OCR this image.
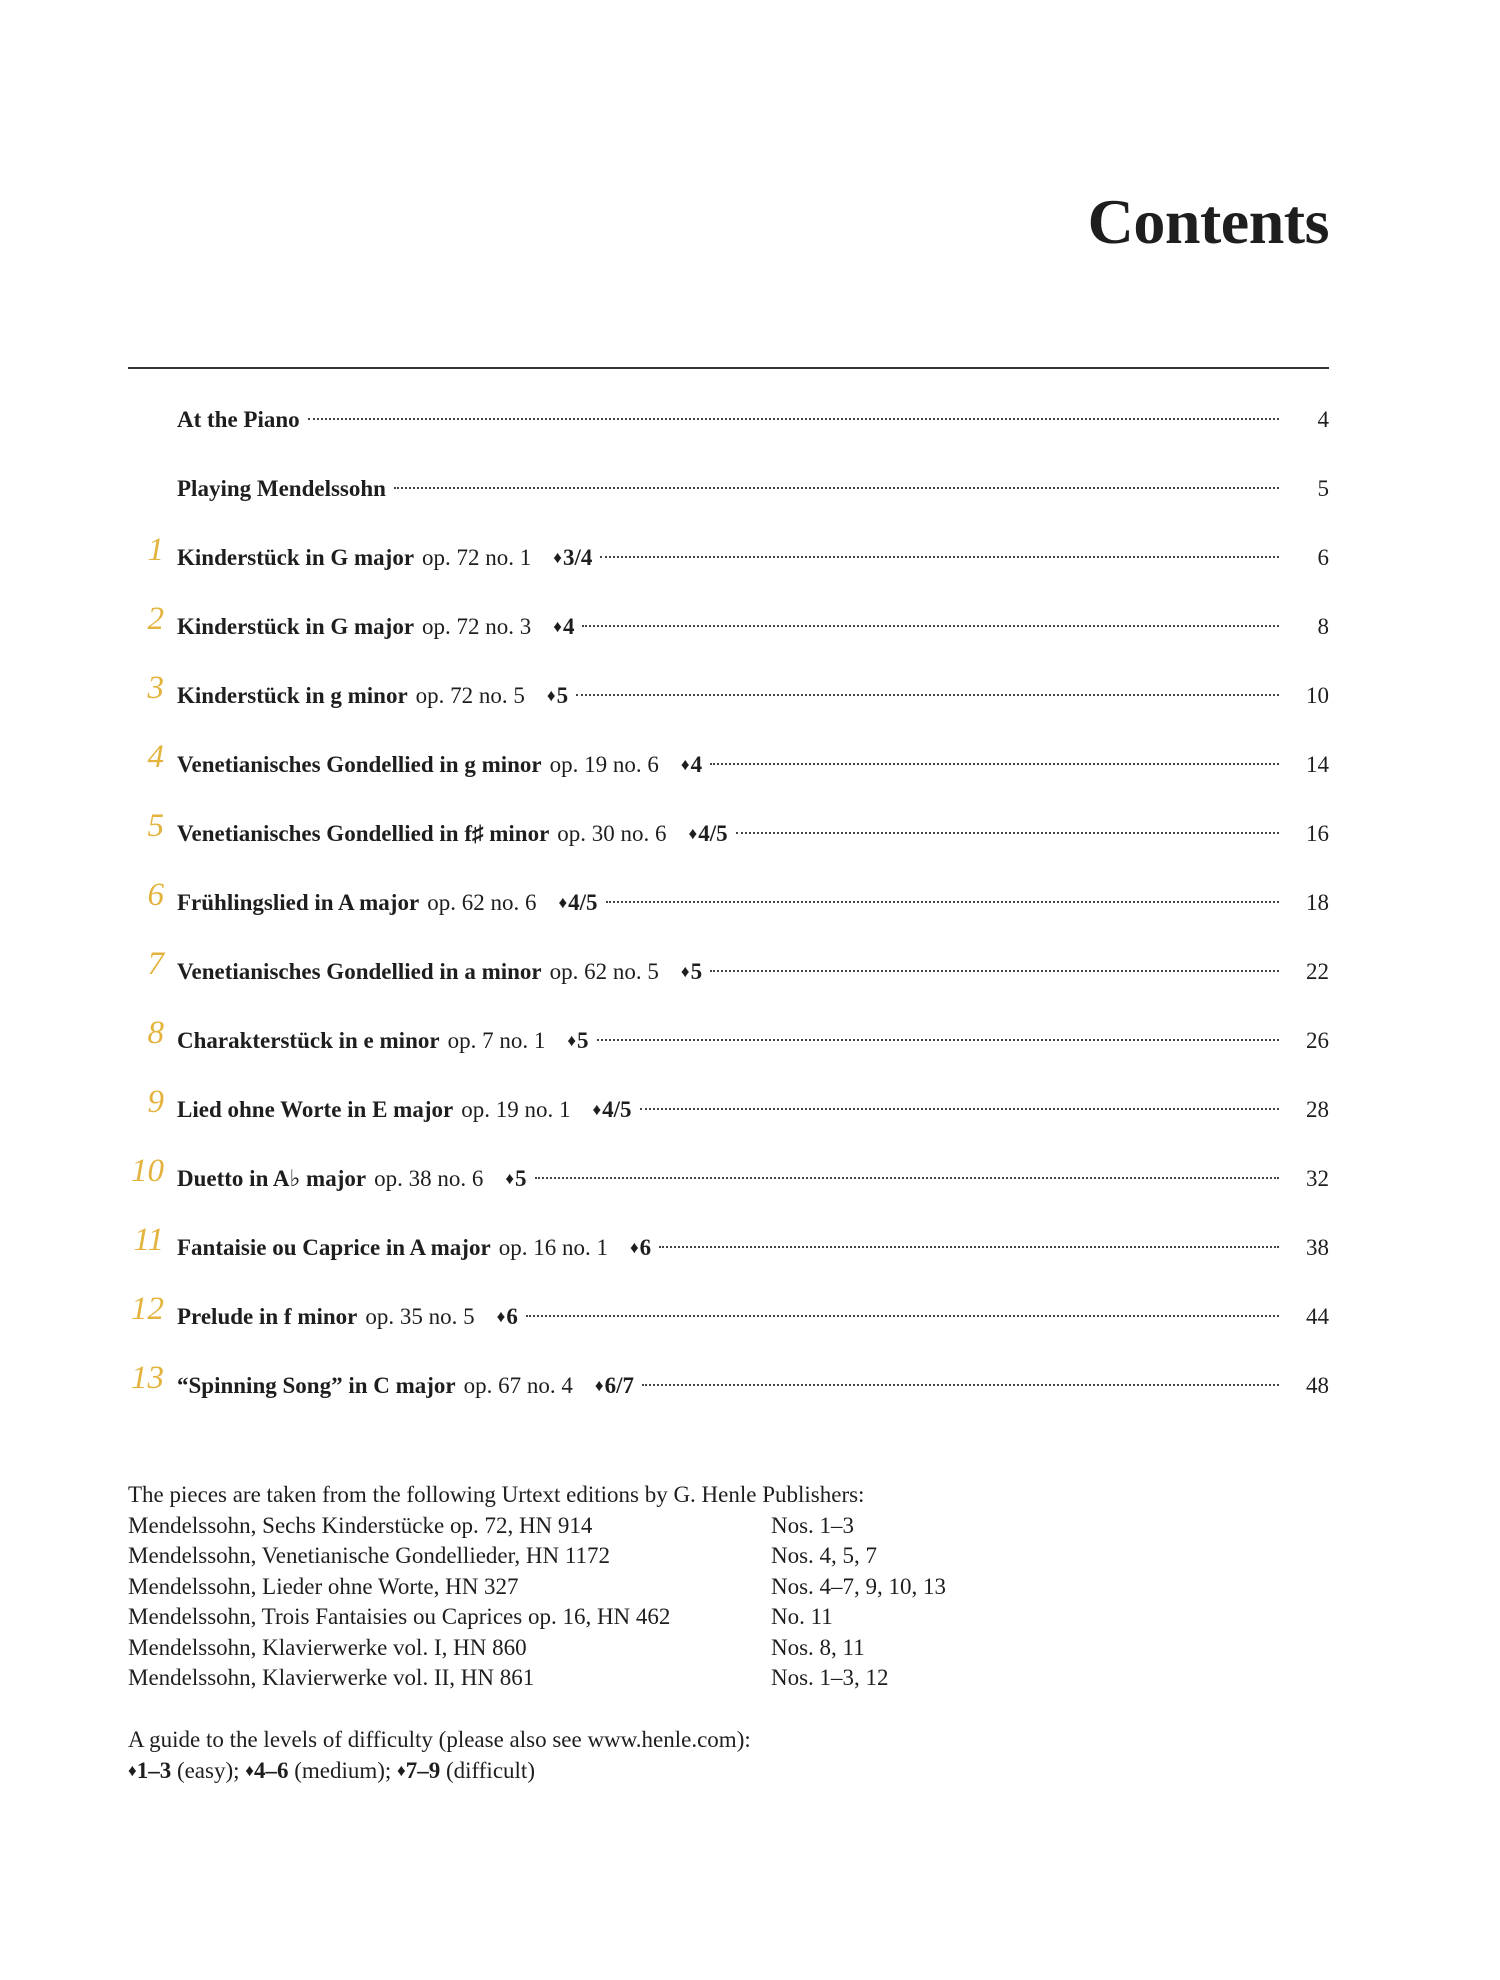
Contents
At the Piano	4
Playing Mendelssohn	5
1 Kinderstück in G major op. 72 no. 1 ♦3/4	6
2 Kinderstück in G major op. 72 no. 3 ♦4	8
3 Kinderstück in g minor op. 72 no. 5 ♦5	10
4 Venetianisches Gondellied in g minor op. 19 no. 6 ♦4	14
5 Venetianisches Gondellied in f♯ minor op. 30 no. 6 ♦4/5	16
6 Frühlingslied in A major op. 62 no. 6 ♦4/5	18
7 Venetianisches Gondellied in a minor op. 62 no. 5 ♦5	22
8 Charakterstück in e minor op. 7 no. 1 ♦5	26
9 Lied ohne Worte in E major op. 19 no. 1 ♦4/5	28
10 Duetto in A♭ major op. 38 no. 6 ♦5	32
11 Fantaisie ou Caprice in A major op. 16 no. 1 ♦6	38
12 Prelude in f minor op. 35 no. 5 ♦6	44
13 “Spinning Song” in C major op. 67 no. 4 ♦6/7	48
The pieces are taken from the following Urtext editions by G. Henle Publishers:
Mendelssohn, Sechs Kinderstücke op. 72, HN 914	Nos. 1–3
Mendelssohn, Venetianische Gondellieder, HN 1172	Nos. 4, 5, 7
Mendelssohn, Lieder ohne Worte, HN 327	Nos. 4–7, 9, 10, 13
Mendelssohn, Trois Fantaisies ou Caprices op. 16, HN 462	No. 11
Mendelssohn, Klavierwerke vol. I, HN 860	Nos. 8, 11
Mendelssohn, Klavierwerke vol. II, HN 861	Nos. 1–3, 12
A guide to the levels of difficulty (please also see www.henle.com):
♦1–3 (easy); ♦4–6 (medium); ♦7–9 (difficult)
